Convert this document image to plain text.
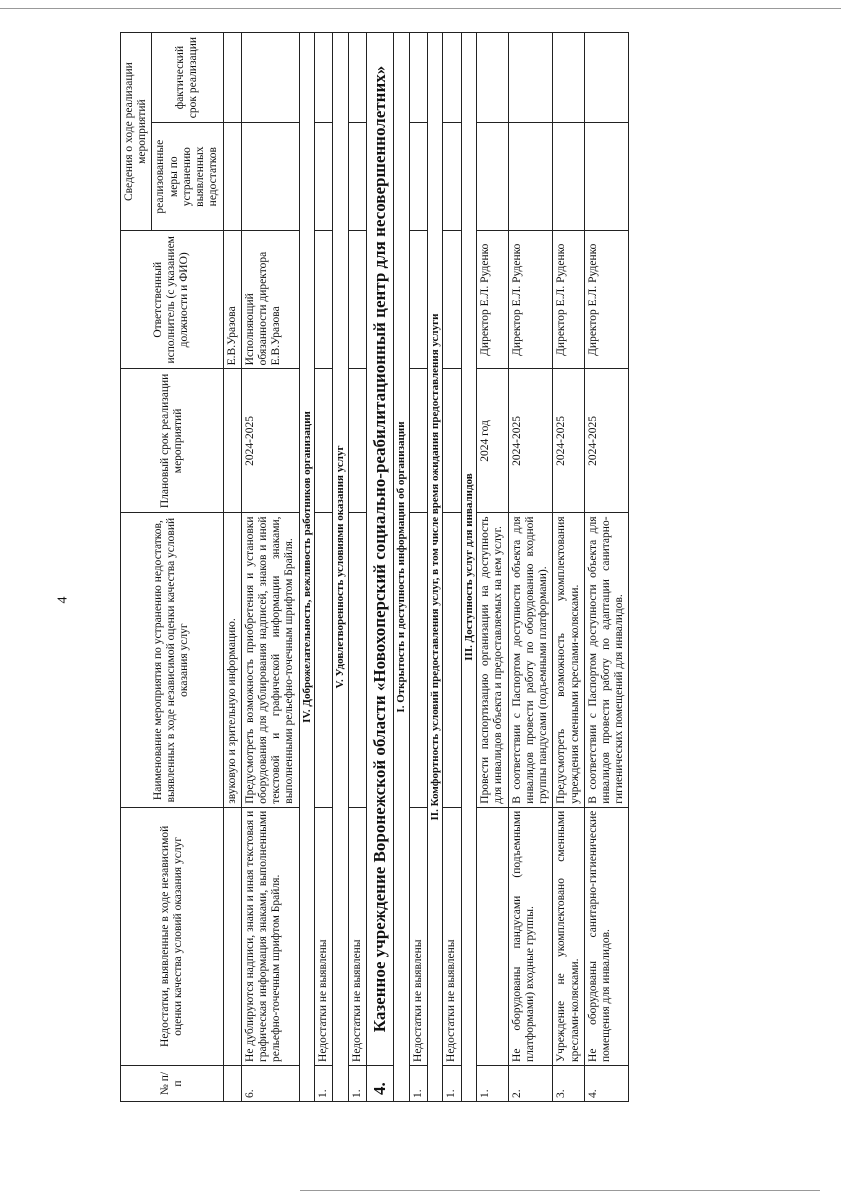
4
№ п/п	Недостатки, выявленные в ходе независимой оценки качества условий оказания услуг	Наименование мероприятия по устранению недостатков, выявленных в ходе независимой оценки качества условий оказания услуг	Плановый срок реализации мероприятий	Ответственный исполнитель (с указанием должности и ФИО)	Сведения о ходе реализации мероприятий	
					реализованные меры по устранению выявленных недостатков	фактический срок реализации
		звуковую и зрительную информацию.		Е.В.Уразова		
6.	Не дублируются надписи, знаки и иная текстовая и графическая информация знаками, выполненными рельефно-точечным шрифтом Брайля.	Предусмотреть возможность приобретения и установки оборудования для дублирования надписей, знаков и иной текстовой и графической информации знаками, выполненными рельефно-точечным шрифтом Брайля.	2024-2025	Исполняющий обязанности директора Е.В.Уразова		
IV. Доброжелательность, вежливость работников организации						
1.	Недостатки не выявлены					
V. Удовлетворенность условиями оказания услуг						
1.	Недостатки не выявлены					
4.	Казенное учреждение Воронежской области «Новохоперский социально-реабилитационный центр для несовершеннолетних»					
I. Открытость и доступность информации об организации						
1.	Недостатки не выявлены					
II. Комфортность условий предоставления услуг, в том числе время ожидания предоставления услуги						
1.	Недостатки не выявлены					
III. Доступность услуг для инвалидов						
1.		Провести паспортизацию организации на доступность для инвалидов объекта и предоставляемых на нем услуг.	2024 год	Директор Е.Л. Руденко		
2.	Не оборудованы пандусами (подъемными платформами) входные группы.	В соответствии с Паспортом доступности объекта для инвалидов провести работу по оборудованию входной группы пандусами (подъемными платформами).	2024-2025	Директор Е.Л. Руденко		
3.	Учреждение не укомплектовано сменными креслами-колясками.	Предусмотреть возможность укомплектования учреждения сменными креслами-колясками.	2024-2025	Директор Е.Л. Руденко		
4.	Не оборудованы санитарно-гигиенические помещения для инвалидов.	В соответствии с Паспортом доступности объекта для инвалидов провести работу по адаптации санитарно-гигиенических помещений для инвалидов.	2024-2025	Директор Е.Л. Руденко		
